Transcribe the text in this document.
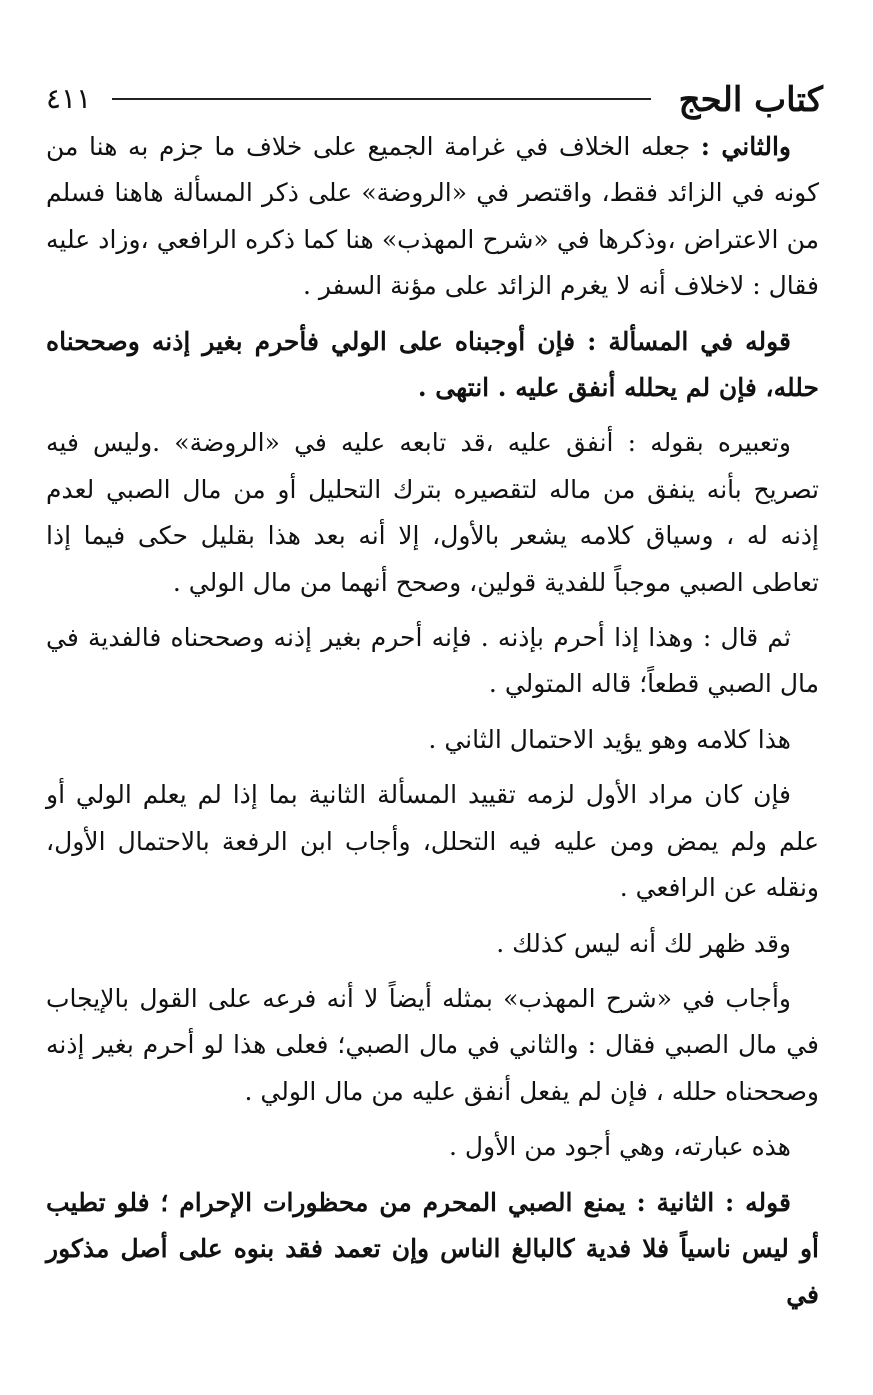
كتاب الحج
٤١١

والثاني : جعله الخلاف في غرامة الجميع على خلاف ما جزم به هنا من كونه في الزائد فقط، واقتصر في «الروضة» على ذكر المسألة هاهنا فسلم من الاعتراض ،وذكرها في «شرح المهذب» هنا كما ذكره الرافعي ،وزاد عليه فقال : لاخلاف أنه لا يغرم الزائد على مؤنة السفر .

قوله في المسألة : فإن أوجبناه على الولي فأحرم بغير إذنه وصححناه حلله، فإن لم يحلله أنفق عليه . انتهى .

وتعبيره بقوله : أنفق عليه ،قد تابعه عليه في «الروضة» .وليس فيه تصريح بأنه ينفق من ماله لتقصيره بترك التحليل أو من مال الصبي لعدم إذنه له ، وسياق كلامه يشعر بالأول، إلا أنه بعد هذا بقليل حكى فيما إذا تعاطى الصبي موجباً للفدية قولين، وصحح أنهما من مال الولي .

ثم قال : وهذا إذا أحرم بإذنه . فإنه أحرم بغير إذنه وصححناه فالفدية في مال الصبي قطعاً؛ قاله المتولي .

هذا كلامه وهو يؤيد الاحتمال الثاني .

فإن كان مراد الأول لزمه تقييد المسألة الثانية بما إذا لم يعلم الولي أو علم ولم يمض ومن عليه فيه التحلل، وأجاب ابن الرفعة بالاحتمال الأول، ونقله عن الرافعي .

وقد ظهر لك أنه ليس كذلك .

وأجاب في «شرح المهذب» بمثله أيضاً لا أنه فرعه على القول بالإيجاب في مال الصبي فقال : والثاني في مال الصبي؛ فعلى هذا لو أحرم بغير إذنه وصححناه حلله ، فإن لم يفعل أنفق عليه من مال الولي .

هذه عبارته، وهي أجود من الأول .

قوله : الثانية : يمنع الصبي المحرم من محظورات الإحرام ؛ فلو تطيب أو ليس ناسياً فلا فدية كالبالغ الناس وإن تعمد فقد بنوه على أصل مذكور في
